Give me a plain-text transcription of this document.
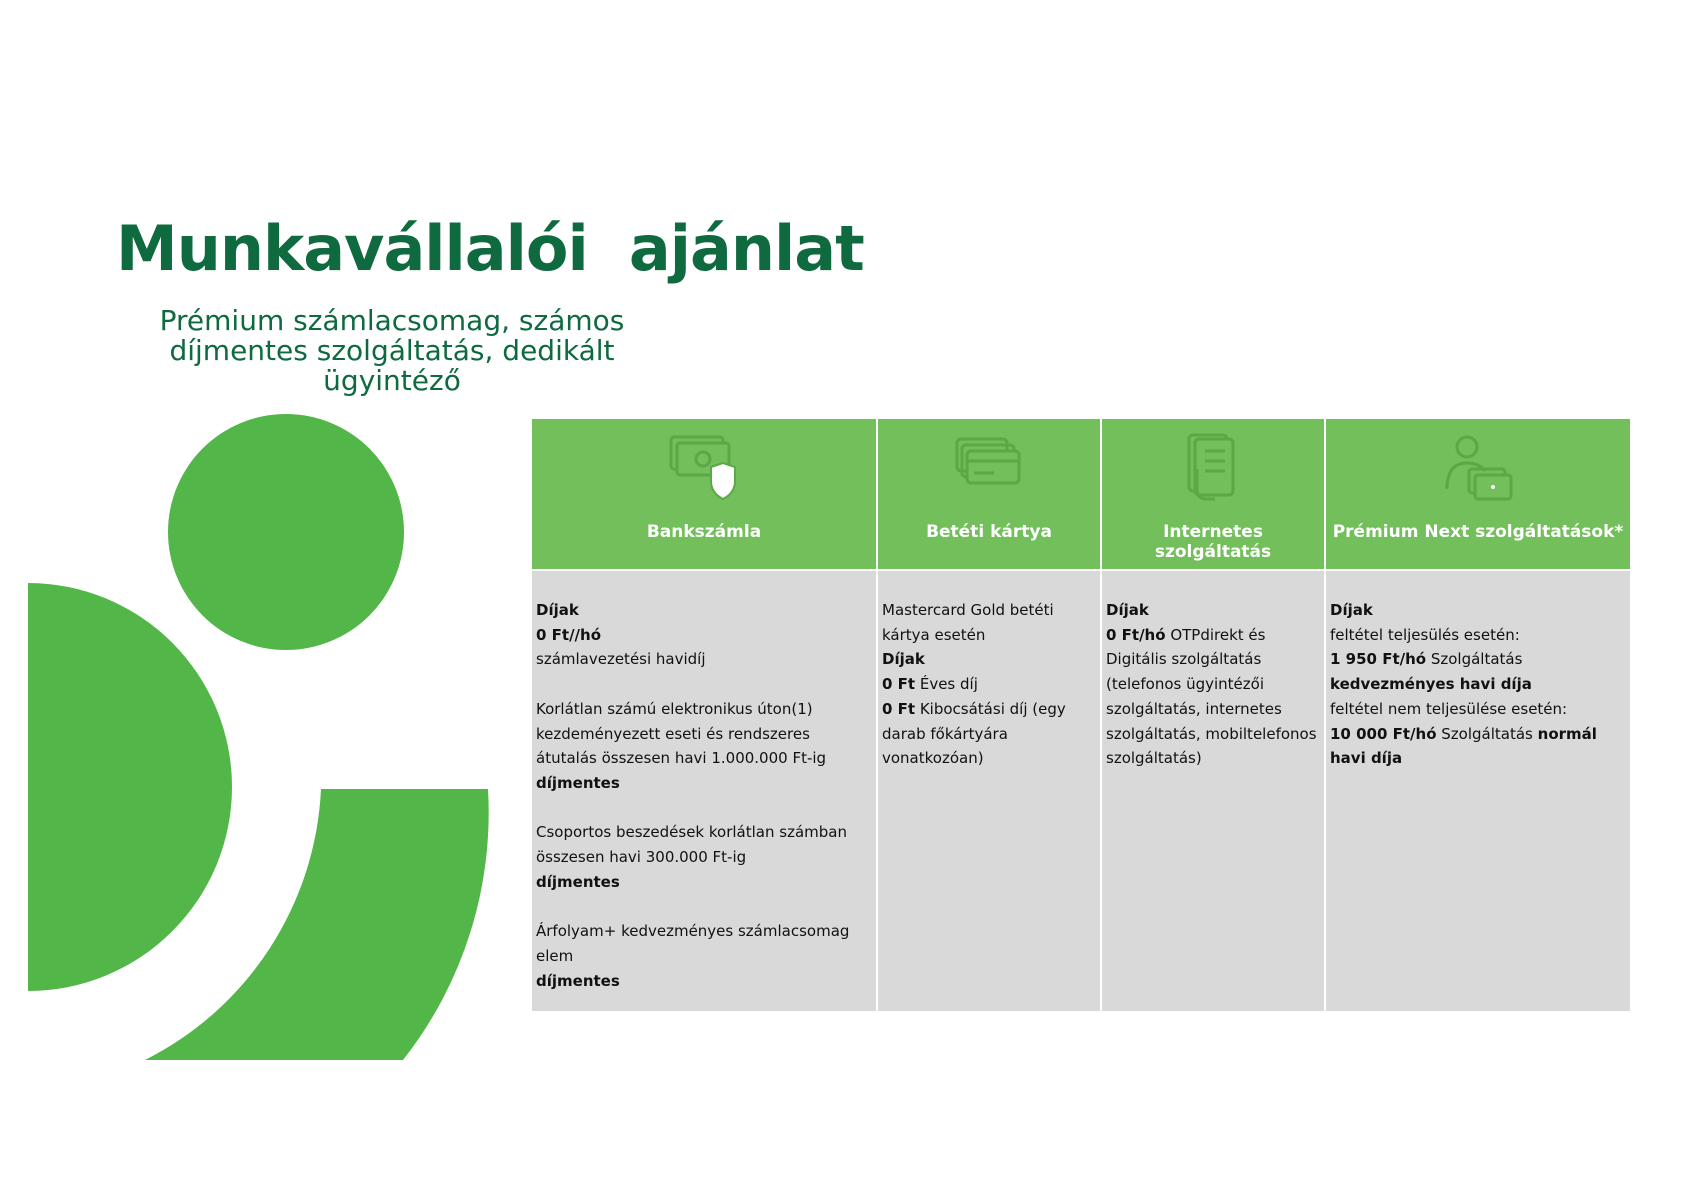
Munkavállalói  ajánlat

Prémium számlacsomag, számos díjmentes szolgáltatás, dedikált ügyintéző

Bankszámla

Díjak

0 Ft//hó

számlavezetési havidíj

Korlátlan számú elektronikus úton(1) kezdeményezett eseti és rendszeres átutalás összesen havi 1.000.000 Ft-ig

díjmentes

Csoportos beszedések korlátlan számban összesen havi 300.000 Ft-ig

díjmentes

Árfolyam+ kedvezményes számlacsomag elem

díjmentes

Betéti kártya

Mastercard Gold betéti kártya esetén

Díjak

0 Ft Éves díj

0 Ft Kibocsátási díj (egy darab főkártyára vonatkozóan)

Internetes szolgáltatás

Díjak

0 Ft/hó OTPdirekt és Digitális szolgáltatás (telefonos ügyintézői szolgáltatás, internetes szolgáltatás, mobiltelefonos szolgáltatás)

Prémium Next szolgáltatások*

Díjak

feltétel teljesülés esetén:

1 950 Ft/hó Szolgáltatás kedvezményes havi díja

feltétel nem teljesülése esetén:

10 000 Ft/hó Szolgáltatás normál havi díja
